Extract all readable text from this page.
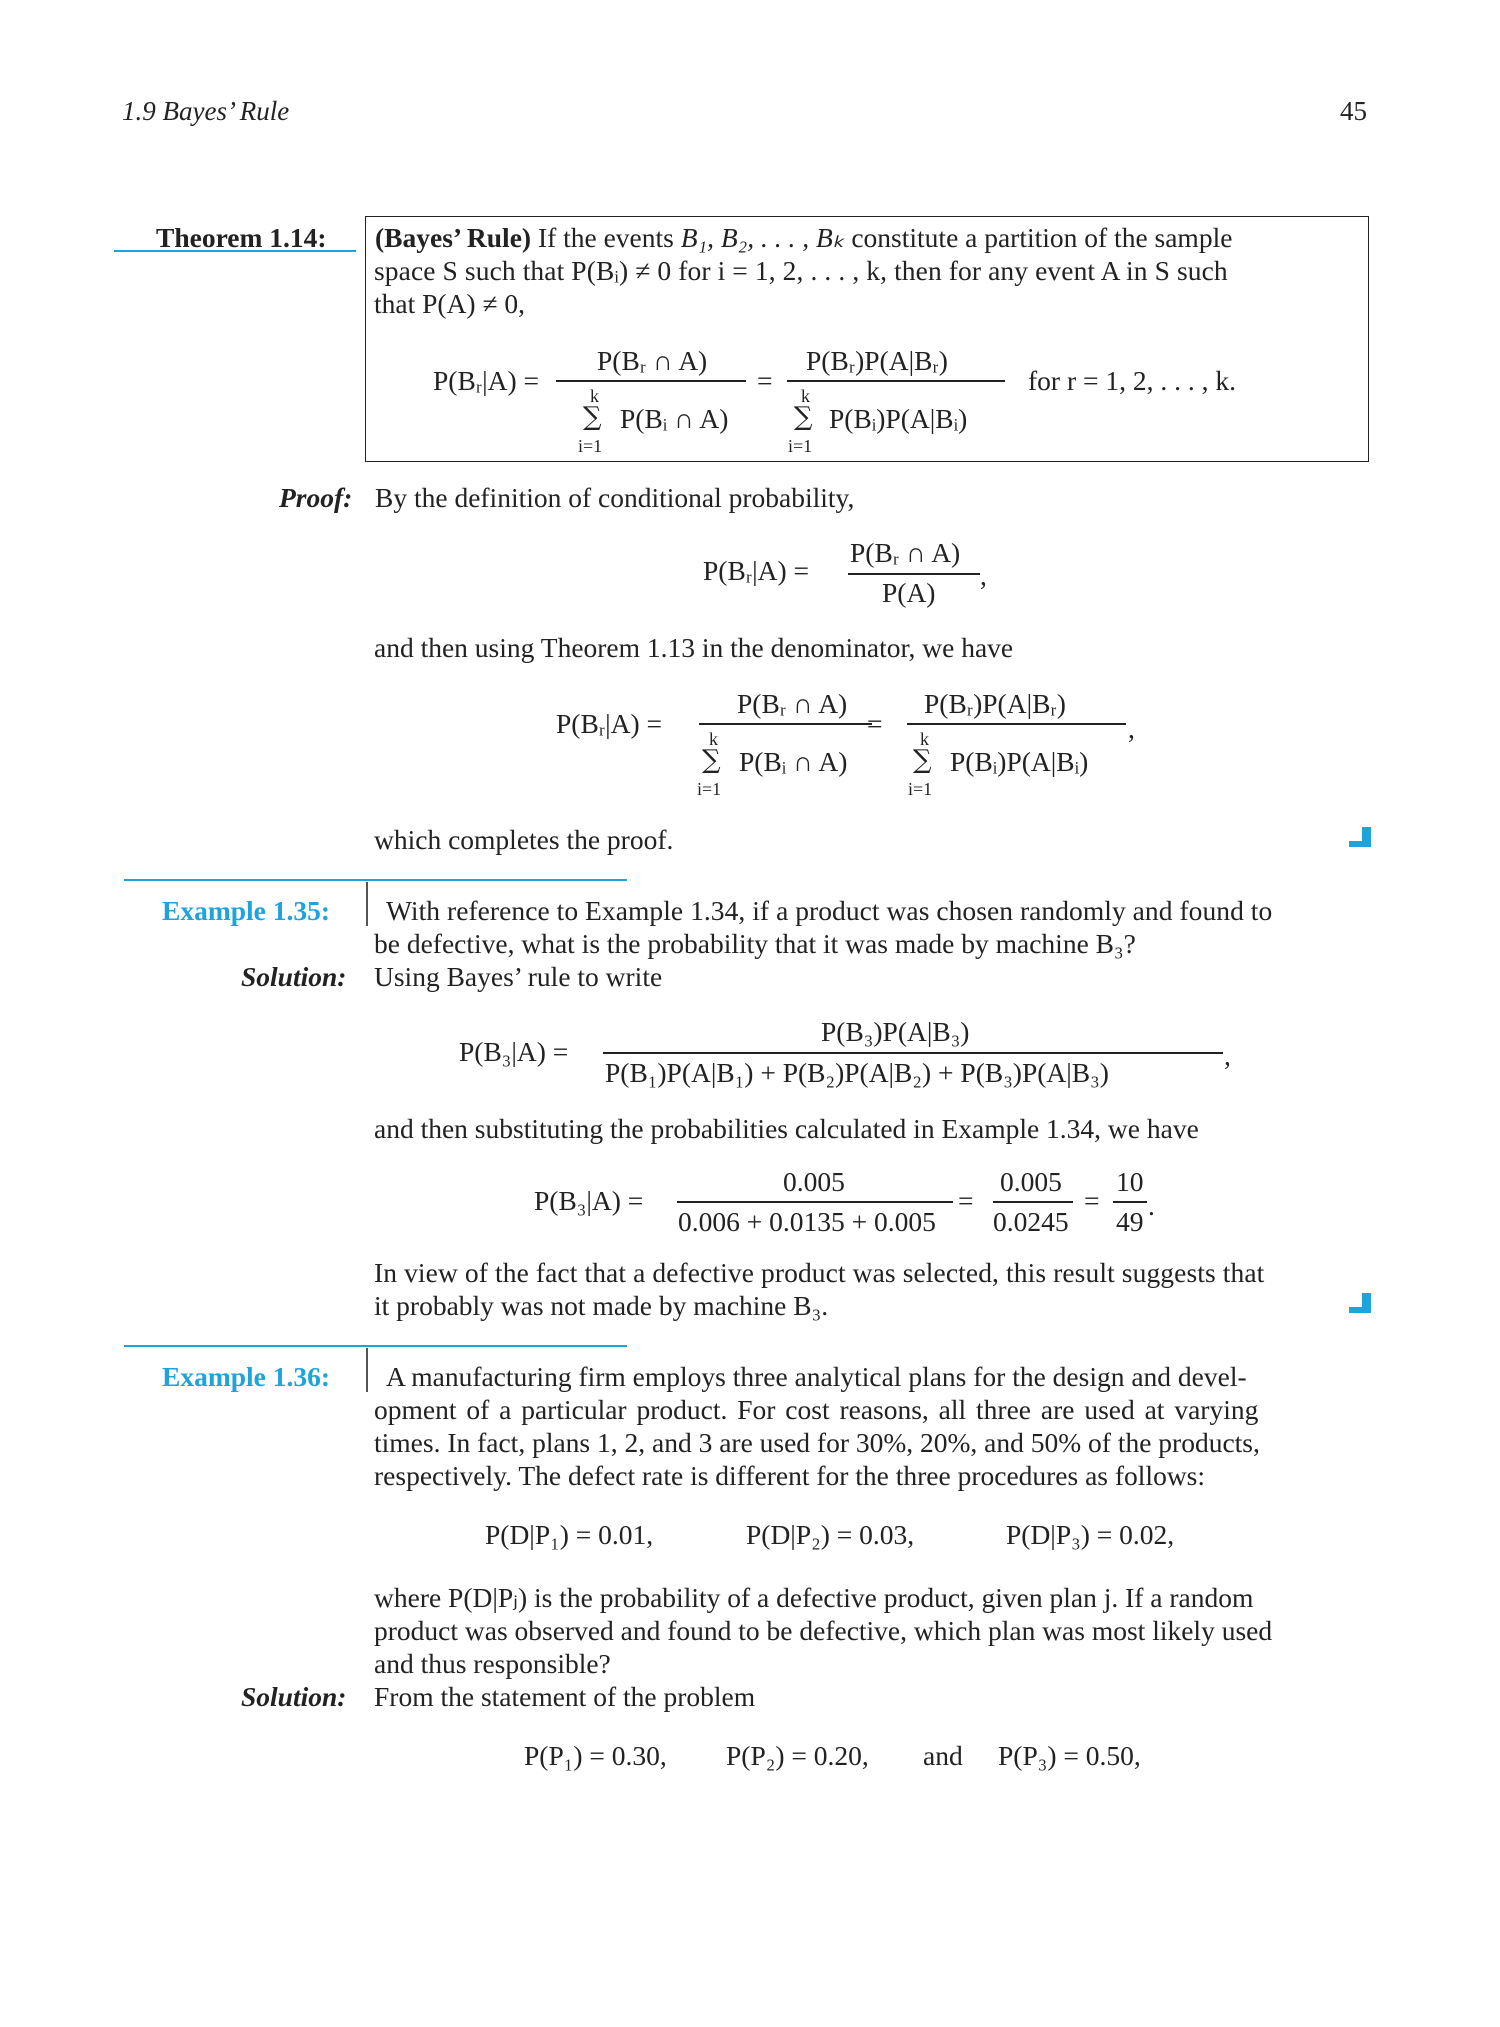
1.9 Bayes’ Rule	45
Theorem 1.14: (Bayes’ Rule) If the events B₁, B₂, . . . , Bₖ constitute a partition of the sample
space S such that P(Bᵢ) ≠ 0 for i = 1, 2, . . . , k, then for any event A in S such
that P(A) ≠ 0,
P(Bᵣ|A) =
P(Bᵣ ∩ A)
k
∑
i=1
P(Bᵢ ∩ A)
=
P(Bᵣ)P(A|Bᵣ)
k
∑
i=1
P(Bᵢ)P(A|Bᵢ)
for r = 1, 2, . . . , k.
Proof: By the definition of conditional probability,
P(Bᵣ|A) =
P(Bᵣ ∩ A)
P(A)
,
and then using Theorem 1.13 in the denominator, we have
P(Bᵣ|A) =
P(Bᵣ ∩ A)
k
∑
i=1
P(Bᵢ ∩ A)
=
P(Bᵣ)P(A|Bᵣ)
k
∑
i=1
P(Bᵢ)P(A|Bᵢ)
,
which completes the proof.
Example 1.35: With reference to Example 1.34, if a product was chosen randomly and found to
be defective, what is the probability that it was made by machine B₃?
Solution: Using Bayes’ rule to write
P(B₃|A) =
P(B₃)P(A|B₃)
P(B₁)P(A|B₁) + P(B₂)P(A|B₂) + P(B₃)P(A|B₃)
,
and then substituting the probabilities calculated in Example 1.34, we have
P(B₃|A) =
0.005
0.006 + 0.0135 + 0.005
=
0.005
0.0245
=
10
49
.
In view of the fact that a defective product was selected, this result suggests that
it probably was not made by machine B₃.
Example 1.36: A manufacturing firm employs three analytical plans for the design and devel-
opment of a particular product. For cost reasons, all three are used at varying
times. In fact, plans 1, 2, and 3 are used for 30%, 20%, and 50% of the products,
respectively. The defect rate is different for the three procedures as follows:
P(D|P₁) = 0.01,	P(D|P₂) = 0.03,	P(D|P₃) = 0.02,
where P(D|Pⱼ) is the probability of a defective product, given plan j. If a random
product was observed and found to be defective, which plan was most likely used
and thus responsible?
Solution: From the statement of the problem
P(P₁) = 0.30, P(P₂) = 0.20, and P(P₃) = 0.50,
